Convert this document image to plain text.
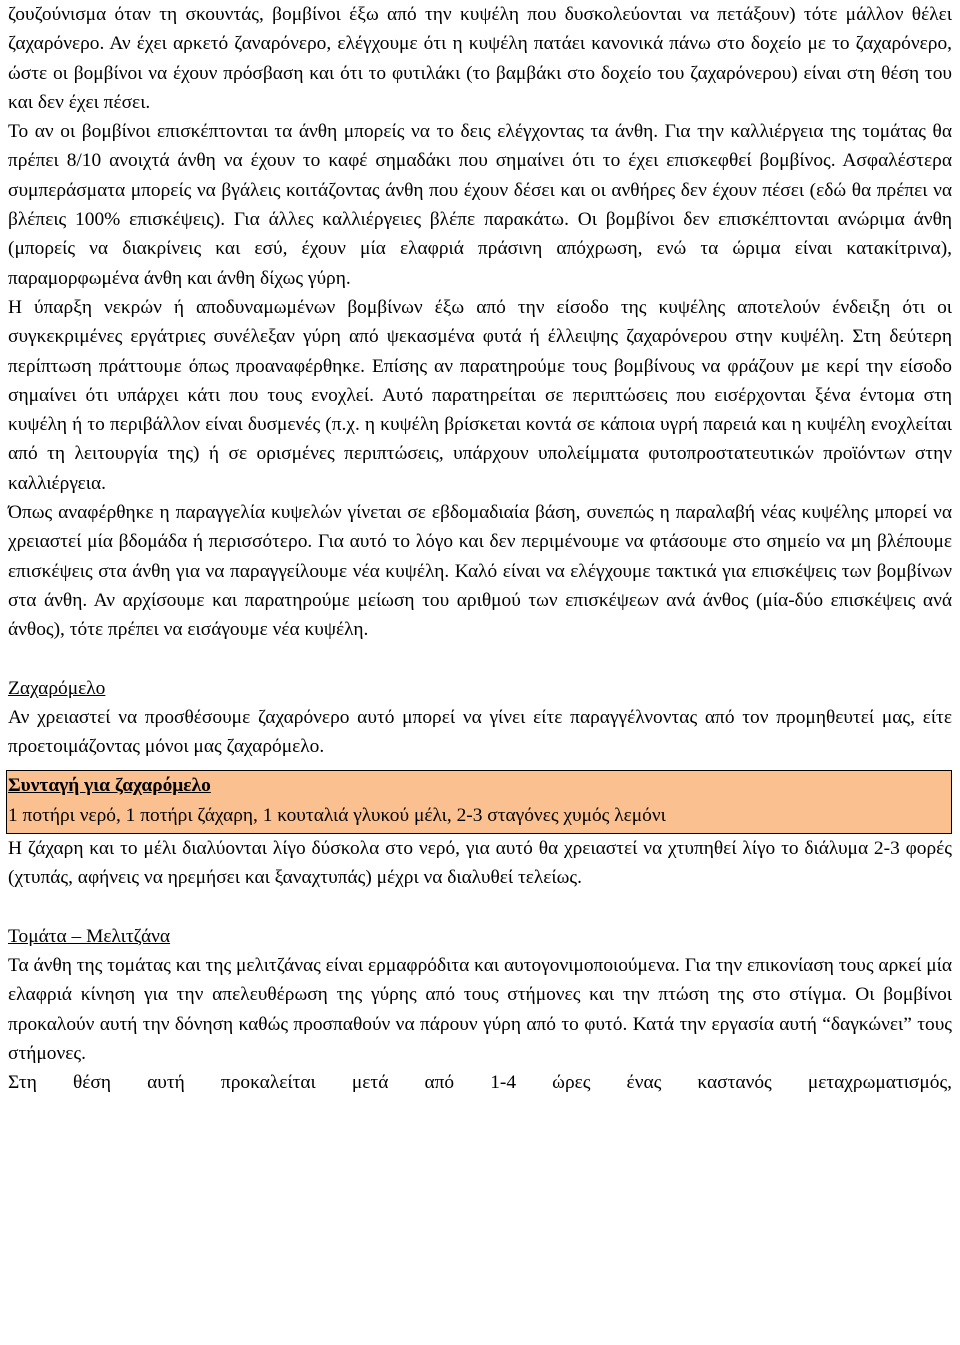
ζουζούνισμα όταν τη σκουντάς, βομβίνοι έξω από την κυψέλη που δυσκολεύονται να πετάξουν) τότε μάλλον θέλει ζαχαρόνερο. Αν έχει αρκετό ζαναρόνερο, ελέγχουμε ότι η κυψέλη πατάει κανονικά πάνω στο δοχείο με το ζαχαρόνερο, ώστε οι βομβίνοι να έχουν πρόσβαση και ότι το φυτιλάκι (το βαμβάκι στο δοχείο του ζαχαρόνερου) είναι στη θέση του και δεν έχει πέσει.

Το αν οι βομβίνοι επισκέπτονται τα άνθη μπορείς να το δεις ελέγχοντας τα άνθη. Για την καλλιέργεια της τομάτας θα πρέπει 8/10 ανοιχτά άνθη να έχουν το καφέ σημαδάκι που σημαίνει ότι το έχει επισκεφθεί βομβίνος. Ασφαλέστερα συμπεράσματα μπορείς να βγάλεις κοιτάζοντας άνθη που έχουν δέσει και οι ανθήρες δεν έχουν πέσει (εδώ θα πρέπει να βλέπεις 100% επισκέψεις). Για άλλες καλλιέργειες βλέπε παρακάτω. Οι βομβίνοι δεν επισκέπτονται ανώριμα άνθη (μπορείς να διακρίνεις και εσύ, έχουν μία ελαφριά πράσινη απόχρωση, ενώ τα ώριμα είναι κατακίτρινα), παραμορφωμένα άνθη και άνθη δίχως γύρη.

Η ύπαρξη νεκρών ή αποδυναμωμένων βομβίνων έξω από την είσοδο της κυψέλης αποτελούν ένδειξη ότι οι συγκεκριμένες εργάτριες συνέλεξαν γύρη από ψεκασμένα φυτά ή έλλειψης ζαχαρόνερου στην κυψέλη. Στη δεύτερη περίπτωση πράττουμε όπως προαναφέρθηκε. Επίσης αν παρατηρούμε τους βομβίνους να φράζουν με κερί την είσοδο σημαίνει ότι υπάρχει κάτι που τους ενοχλεί. Αυτό παρατηρείται σε περιπτώσεις που εισέρχονται ξένα έντομα στη κυψέλη ή το περιβάλλον είναι δυσμενές (π.χ. η κυψέλη βρίσκεται κοντά σε κάποια υγρή παρειά και η κυψέλη ενοχλείται από τη λειτουργία της) ή σε ορισμένες περιπτώσεις, υπάρχουν υπολείμματα φυτοπροστατευτικών προϊόντων στην καλλιέργεια.

Όπως αναφέρθηκε η παραγγελία κυψελών γίνεται σε εβδομαδιαία βάση, συνεπώς η παραλαβή νέας κυψέλης μπορεί να χρειαστεί μία βδομάδα ή περισσότερο. Για αυτό το λόγο και δεν περιμένουμε να φτάσουμε στο σημείο να μη βλέπουμε επισκέψεις στα άνθη για να παραγγείλουμε νέα κυψέλη. Καλό είναι να ελέγχουμε τακτικά για επισκέψεις των βομβίνων στα άνθη. Αν αρχίσουμε και παρατηρούμε μείωση του αριθμού των επισκέψεων ανά άνθος (μία-δύο επισκέψεις ανά άνθος), τότε πρέπει να εισάγουμε νέα κυψέλη.

Ζαχαρόμελο

Αν χρειαστεί να προσθέσουμε ζαχαρόνερο αυτό μπορεί να γίνει είτε παραγγέλνοντας από τον προμηθευτεί μας, είτε προετοιμάζοντας μόνοι μας ζαχαρόμελο.

Συνταγή για ζαχαρόμελο
1 ποτήρι νερό, 1 ποτήρι ζάχαρη, 1 κουταλιά γλυκού μέλι, 2-3 σταγόνες χυμός λεμόνι

Η ζάχαρη και το μέλι διαλύονται λίγο δύσκολα στο νερό, για αυτό θα χρειαστεί να χτυπηθεί λίγο το διάλυμα 2-3 φορές (χτυπάς, αφήνεις να ηρεμήσει και ξαναχτυπάς) μέχρι να διαλυθεί τελείως.

Τομάτα – Μελιτζάνα

Τα άνθη της τομάτας και της μελιτζάνας είναι ερμαφρόδιτα και αυτογονιμοποιούμενα. Για την επικονίαση τους αρκεί μία ελαφριά κίνηση για την απελευθέρωση της γύρης από τους στήμονες και την πτώση της στο στίγμα. Οι βομβίνοι προκαλούν αυτή την δόνηση καθώς προσπαθούν να πάρουν γύρη από το φυτό. Κατά την εργασία αυτή “δαγκώνει” τους στήμονες.

Στη θέση αυτή προκαλείται μετά από 1-4 ώρες ένας καστανός μεταχρωματισμός,
